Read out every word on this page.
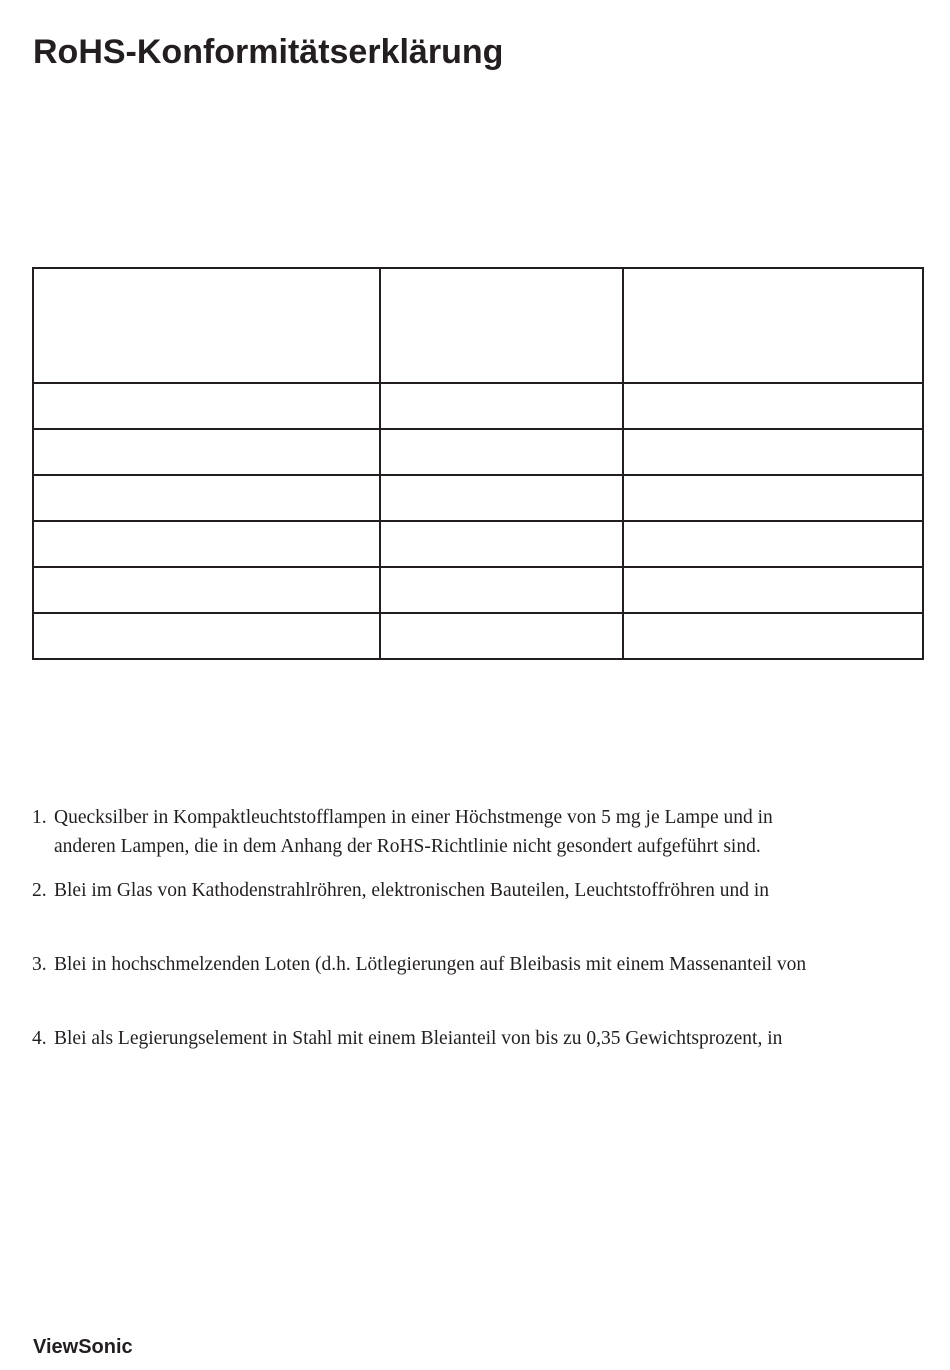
RoHS-Konformitätserklärung

1. Quecksilber in Kompaktleuchtstofflampen in einer Höchstmenge von 5 mg je Lampe und in
anderen Lampen, die in dem Anhang der RoHS-Richtlinie nicht gesondert aufgeführt sind.
2. Blei im Glas von Kathodenstrahlröhren, elektronischen Bauteilen, Leuchtstoffröhren und in
3. Blei in hochschmelzenden Loten (d.h. Lötlegierungen auf Bleibasis mit einem Massenanteil von
4. Blei als Legierungselement in Stahl mit einem Bleianteil von bis zu 0,35 Gewichtsprozent, in
ViewSonic
